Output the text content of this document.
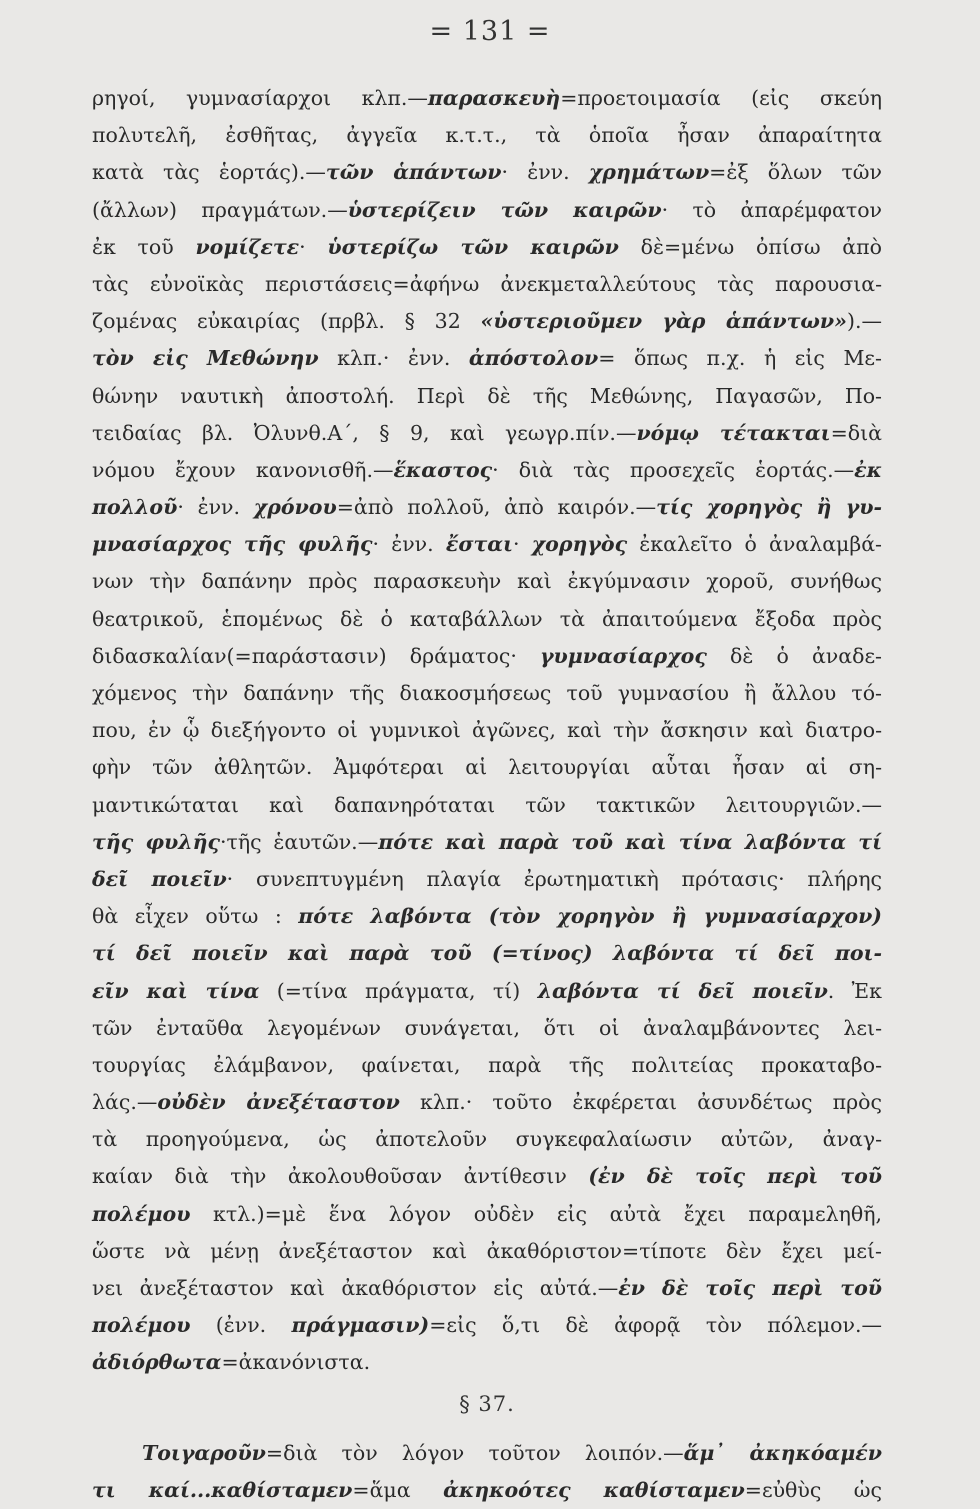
= 131 =
ρηγοί, γυμνασίαρχοι κλπ.—παρασκευὴ=προετοιμασία (εἰς σκεύη
πολυτελῆ, ἐσθῆτας, ἀγγεῖα κ.τ.τ., τὰ ὁποῖα ἦσαν ἀπαραίτητα
κατὰ τὰς ἑορτάς).—τῶν ἁπάντων· ἐνν. χρημάτων=ἐξ ὅλων τῶν
(ἄλλων) πραγμάτων.—ὑστερίζειν τῶν καιρῶν· τὸ ἀπαρέμφατον
ἐκ τοῦ νομίζετε· ὑστερίζω τῶν καιρῶν δὲ=μένω ὀπίσω ἀπὸ
τὰς εὐνοϊκὰς περιστάσεις=ἀφήνω ἀνεκμεταλλεύτους τὰς παρουσια-
ζομένας εὐκαιρίας (πρβλ. § 32 «ὑστεριοῦμεν γὰρ ἁπάντων»).—
τὸν εἰς Μεθώνην κλπ.· ἐνν. ἀπόστολον= ὅπως π.χ. ἡ εἰς Με-
θώνην ναυτικὴ ἀποστολή. Περὶ δὲ τῆς Μεθώνης, Παγασῶν, Πο-
τειδαίας βλ. Ὀλυνθ.Α΄, § 9, καὶ γεωγρ.πίν.—νόμῳ τέτακται=διὰ
νόμου ἔχουν κανονισθῆ.—ἕκαστος· διὰ τὰς προσεχεῖς ἑορτάς.—ἐκ
πολλοῦ· ἐνν. χρόνου=ἀπὸ πολλοῦ, ἀπὸ καιρόν.—τίς χορηγὸς ἢ γυ-
μνασίαρχος τῆς φυλῆς· ἐνν. ἔσται· χορηγὸς ἐκαλεῖτο ὁ ἀναλαμβά-
νων τὴν δαπάνην πρὸς παρασκευὴν καὶ ἐκγύμνασιν χοροῦ, συνήθως
θεατρικοῦ, ἑπομένως δὲ ὁ καταβάλλων τὰ ἀπαιτούμενα ἔξοδα πρὸς
διδασκαλίαν(=παράστασιν) δράματος· γυμνασίαρχος δὲ ὁ ἀναδε-
χόμενος τὴν δαπάνην τῆς διακοσμήσεως τοῦ γυμνασίου ἢ ἄλλου τό-
που, ἐν ᾧ διεξήγοντο οἱ γυμνικοὶ ἀγῶνες, καὶ τὴν ἄσκησιν καὶ διατρο-
φὴν τῶν ἀθλητῶν. Ἀμφότεραι αἱ λειτουργίαι αὗται ἦσαν αἱ ση-
μαντικώταται καὶ δαπανηρόταται τῶν τακτικῶν λειτουργιῶν.—
τῆς φυλῆς·τῆς ἑαυτῶν.—πότε καὶ παρὰ τοῦ καὶ τίνα λαβόντα τί
δεῖ ποιεῖν· συνεπτυγμένη πλαγία ἐρωτηματικὴ πρότασις· πλήρης
θὰ εἶχεν οὕτω : πότε λαβόντα (τὸν χορηγὸν ἢ γυμνασίαρχον)
τί δεῖ ποιεῖν καὶ παρὰ τοῦ (=τίνος) λαβόντα τί δεῖ ποι-
εῖν καὶ τίνα (=τίνα πράγματα, τί) λαβόντα τί δεῖ ποιεῖν. Ἐκ
τῶν ἐνταῦθα λεγομένων συνάγεται, ὅτι οἱ ἀναλαμβάνοντες λει-
τουργίας ἐλάμβανον, φαίνεται, παρὰ τῆς πολιτείας προκαταβο-
λάς.—οὐδὲν ἀνεξέταστον κλπ.· τοῦτο ἐκφέρεται ἀσυνδέτως πρὸς
τὰ προηγούμενα, ὡς ἀποτελοῦν συγκεφαλαίωσιν αὐτῶν, ἀναγ-
καίαν διὰ τὴν ἀκολουθοῦσαν ἀντίθεσιν (ἐν δὲ τοῖς περὶ τοῦ
πολέμου κτλ.)=μὲ ἕνα λόγον οὐδὲν εἰς αὐτὰ ἔχει παραμεληθῆ,
ὥστε νὰ μένῃ ἀνεξέταστον καὶ ἀκαθόριστον=τίποτε δὲν ἔχει μεί-
νει ἀνεξέταστον καὶ ἀκαθόριστον εἰς αὐτά.—ἐν δὲ τοῖς περὶ τοῦ
πολέμου (ἐνν. πράγμασιν)=εἰς ὅ,τι δὲ ἀφορᾷ τὸν πόλεμον.—
ἀδιόρθωτα=ἀκανόνιστα.
§ 37.
Τοιγαροῦν=διὰ τὸν λόγον τοῦτον λοιπόν.—ἅμ᾽ ἀκηκόαμέν
τι καί...καθίσταμεν=ἅμα ἀκηκοότες καθίσταμεν=εὐθὺς ὡς
